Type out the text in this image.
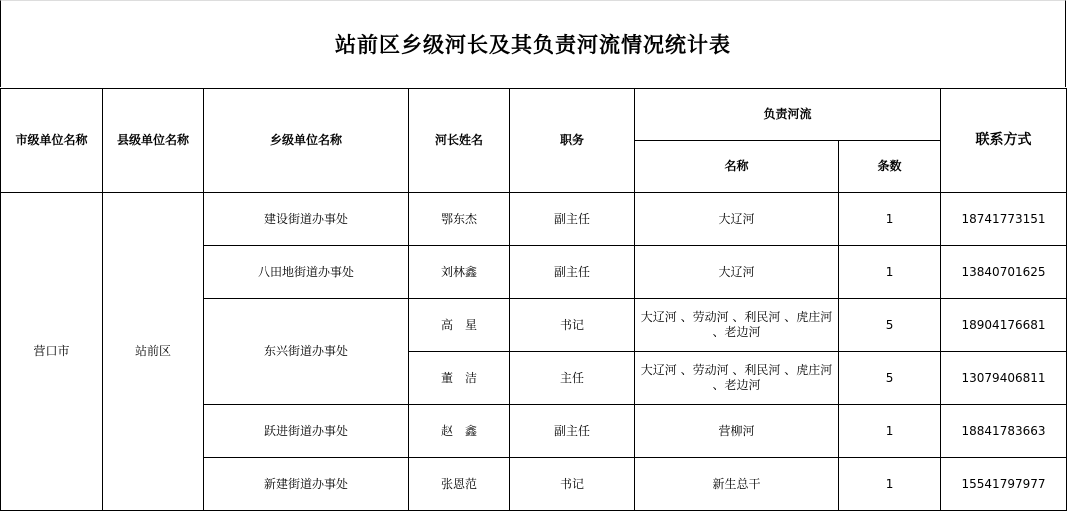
站前区乡级河长及其负责河流情况统计表
市级单位名称	县级单位名称	乡级单位名称	河长姓名	职务	负责河流		联系方式
					名称	条数	
营口市	站前区	建设街道办事处	鄂东杰	副主任	大辽河	1	18741773151
		八田地街道办事处	刘林鑫	副主任	大辽河	1	13840701625
		东兴街道办事处	高　星	书记	大辽河 、劳动河 、利民河 、虎庄河 、老边河	5	18904176681
			董　洁	主任	大辽河 、劳动河 、利民河 、虎庄河 、老边河	5	13079406811
		跃进街道办事处	赵　鑫	副主任	营柳河	1	18841783663
		新建街道办事处	张恩范	书记	新生总干	1	15541797977
